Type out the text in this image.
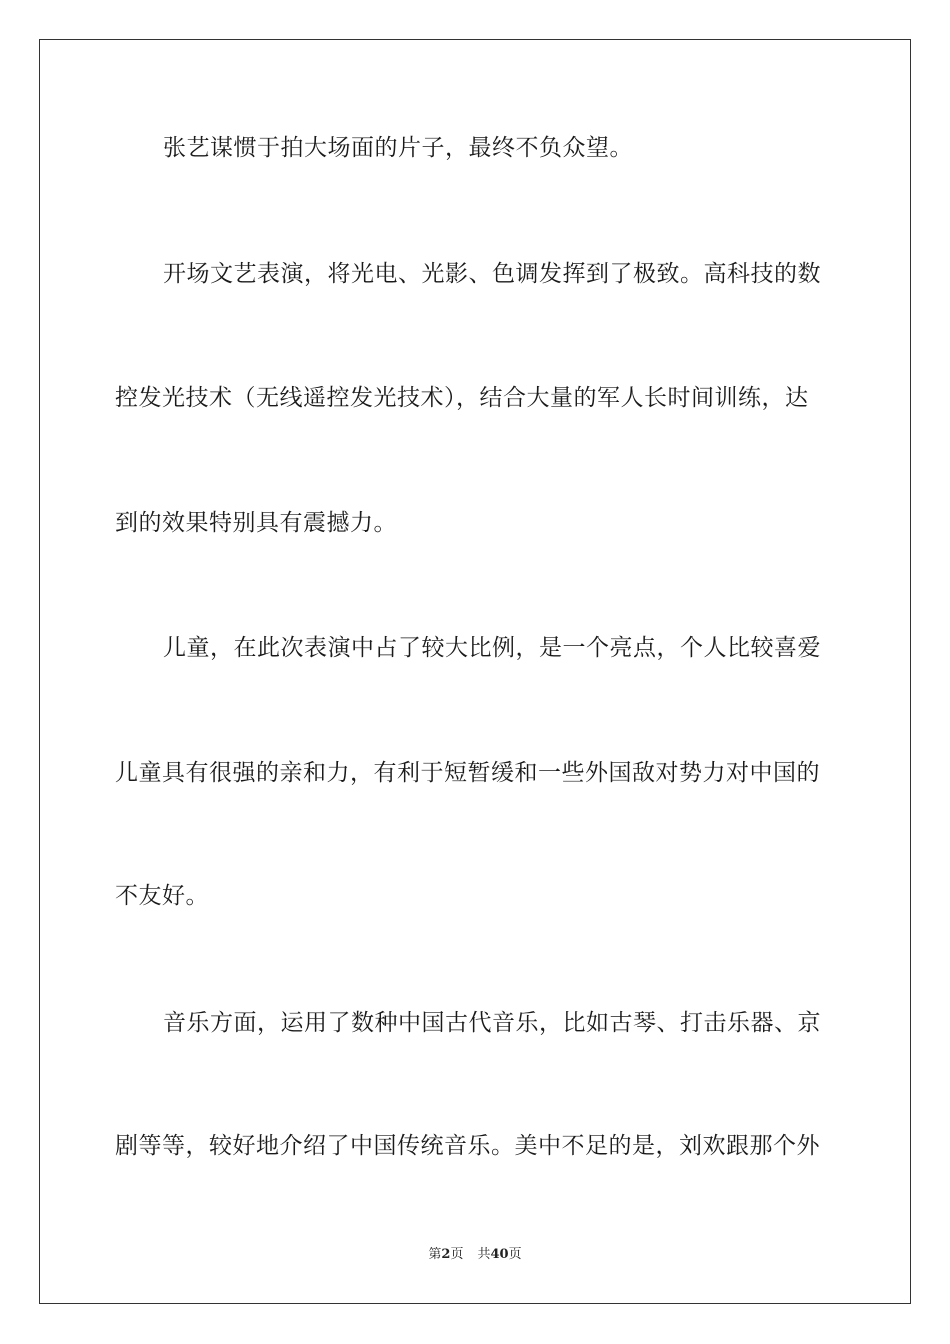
张艺谋惯于拍大场面的片子，最终不负众望。
开场文艺表演，将光电、光影、色调发挥到了极致。高科技的数
控发光技术（无线遥控发光技术），结合大量的军人长时间训练，达
到的效果特别具有震撼力。
儿童，在此次表演中占了较大比例，是一个亮点，个人比较喜爱
儿童具有很强的亲和力，有利于短暂缓和一些外国敌对势力对中国的
不友好。
音乐方面，运用了数种中国古代音乐，比如古琴、打击乐器、京
剧等等，较好地介绍了中国传统音乐。美中不足的是，刘欢跟那个外
第2页 共40页
